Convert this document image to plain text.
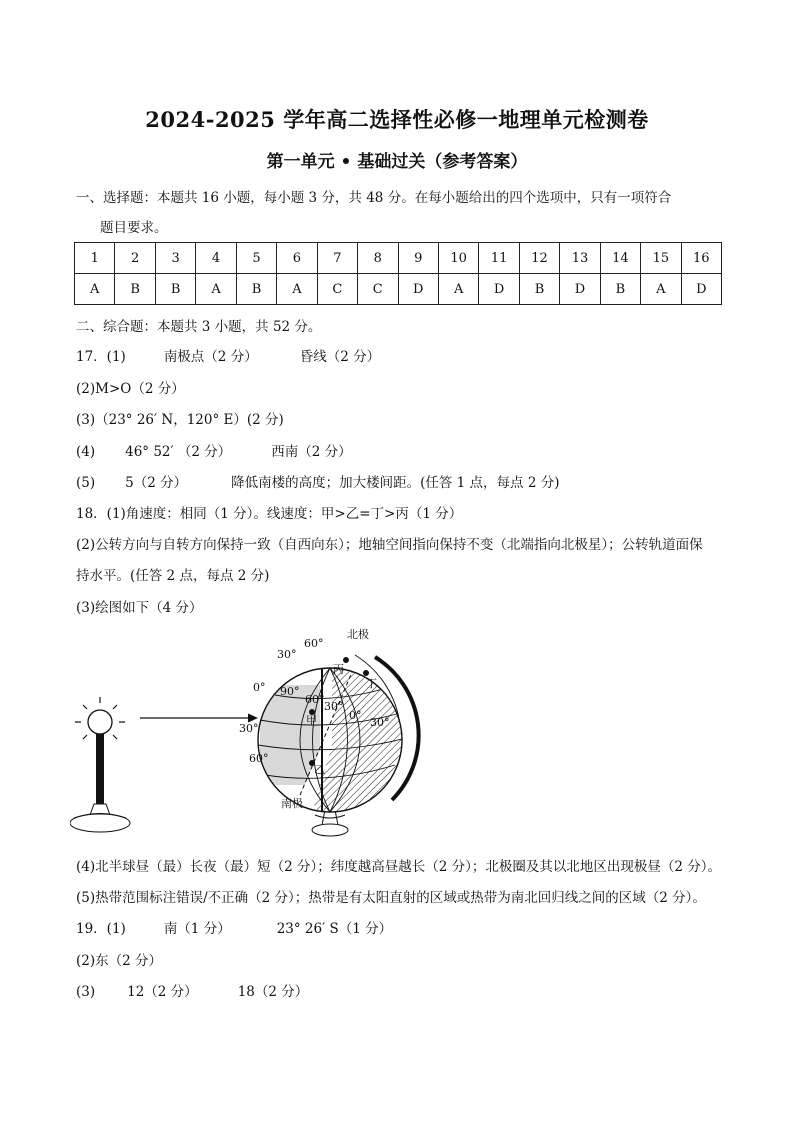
2024-2025 学年高二选择性必修一地理单元检测卷
第一单元 • 基础过关（参考答案）
一、选择题：本题共 16 小题，每小题 3 分，共 48 分。在每小题给出的四个选项中，只有一项符合
题目要求。
1	2	3	4	5	6	7	8	9	10	11	12	13	14	15	16
A	B	B	A	B	A	C	C	D	A	D	B	D	B	A	D
二、综合题：本题共 3 小题，共 52 分。
17．(1)	南极点（2 分）	昏线（2 分）
(2)M>O（2 分）
(3)（23° 26′ N，120° E）(2 分)
(4) 46° 52′ （2 分）	西南（2 分）
(5) 5（2 分）	降低南楼的高度；加大楼间距。(任答 1 点，每点 2 分)
18．(1)角速度：相同（1 分）。线速度：甲>乙=丁>丙（1 分）
(2)公转方向与自转方向保持一致（自西向东）；地轴空间指向保持不变（北端指向北极星）；公转轨道面保
持水平。(任答 2 点，每点 2 分)
(3)绘图如下（4 分）
北极
南极
60°
30°
0° 90°
60°
30°
0°
30°
30°
60°
甲
乙
丙
丁
(4)北半球昼（最）长夜（最）短（2 分）；纬度越高昼越长（2 分）；北极圈及其以北地区出现极昼（2 分）。
(5)热带范围标注错误/不正确（2 分）；热带是有太阳直射的区域或热带为南北回归线之间的区域（2 分）。
19．(1)	南（1 分）	23° 26′ S（1 分）
(2)东（2 分）
(3) 12（2 分）	18（2 分）
